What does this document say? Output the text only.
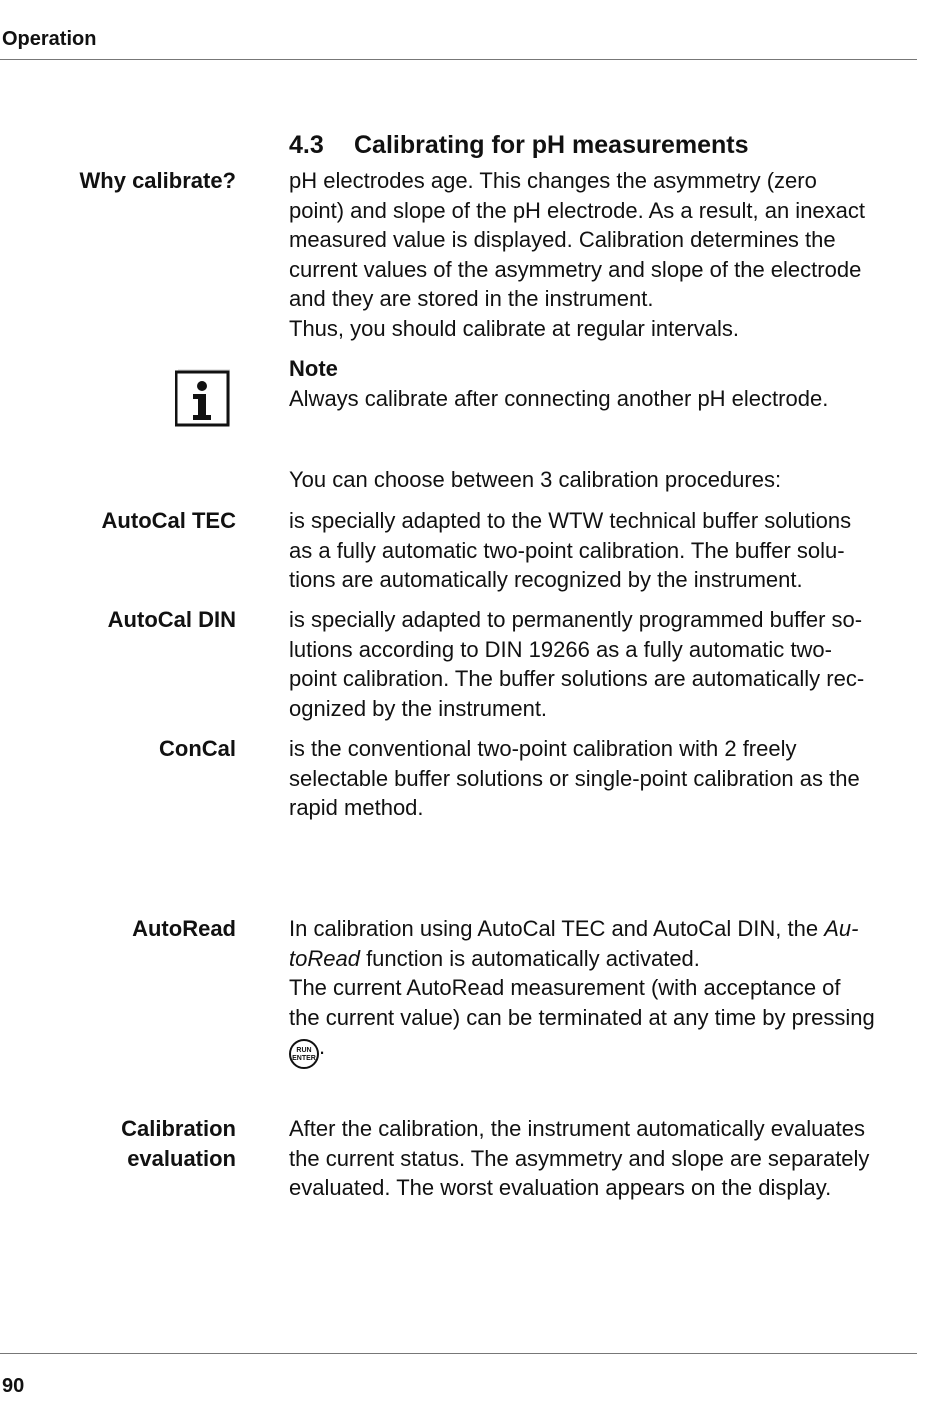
Operation
4.3 Calibrating for pH measurements
Why calibrate? pH electrodes age. This changes the asymmetry (zero
point) and slope of the pH electrode. As a result, an inexact
measured value is displayed. Calibration determines the
current values of the asymmetry and slope of the electrode
and they are stored in the instrument.
Thus, you should calibrate at regular intervals.
Note
Always calibrate after connecting another pH electrode.
You can choose between 3 calibration procedures:
AutoCal TEC is specially adapted to the WTW technical buffer solutions
as a fully automatic two-point calibration. The buffer solu-
tions are automatically recognized by the instrument.
AutoCal DIN is specially adapted to permanently programmed buffer so-
lutions according to DIN 19266 as a fully automatic two-
point calibration. The buffer solutions are automatically rec-
ognized by the instrument.
ConCal is the conventional two-point calibration with 2 freely
selectable buffer solutions or single-point calibration as the
rapid method.
AutoRead In calibration using AutoCal TEC and AutoCal DIN, the Au-
toRead function is automatically activated.
The current AutoRead measurement (with acceptance of
the current value) can be terminated at any time by pressing
RUN
ENTER .
Calibration
evaluation
After the calibration, the instrument automatically evaluates
the current status. The asymmetry and slope are separately
evaluated. The worst evaluation appears on the display.
90
